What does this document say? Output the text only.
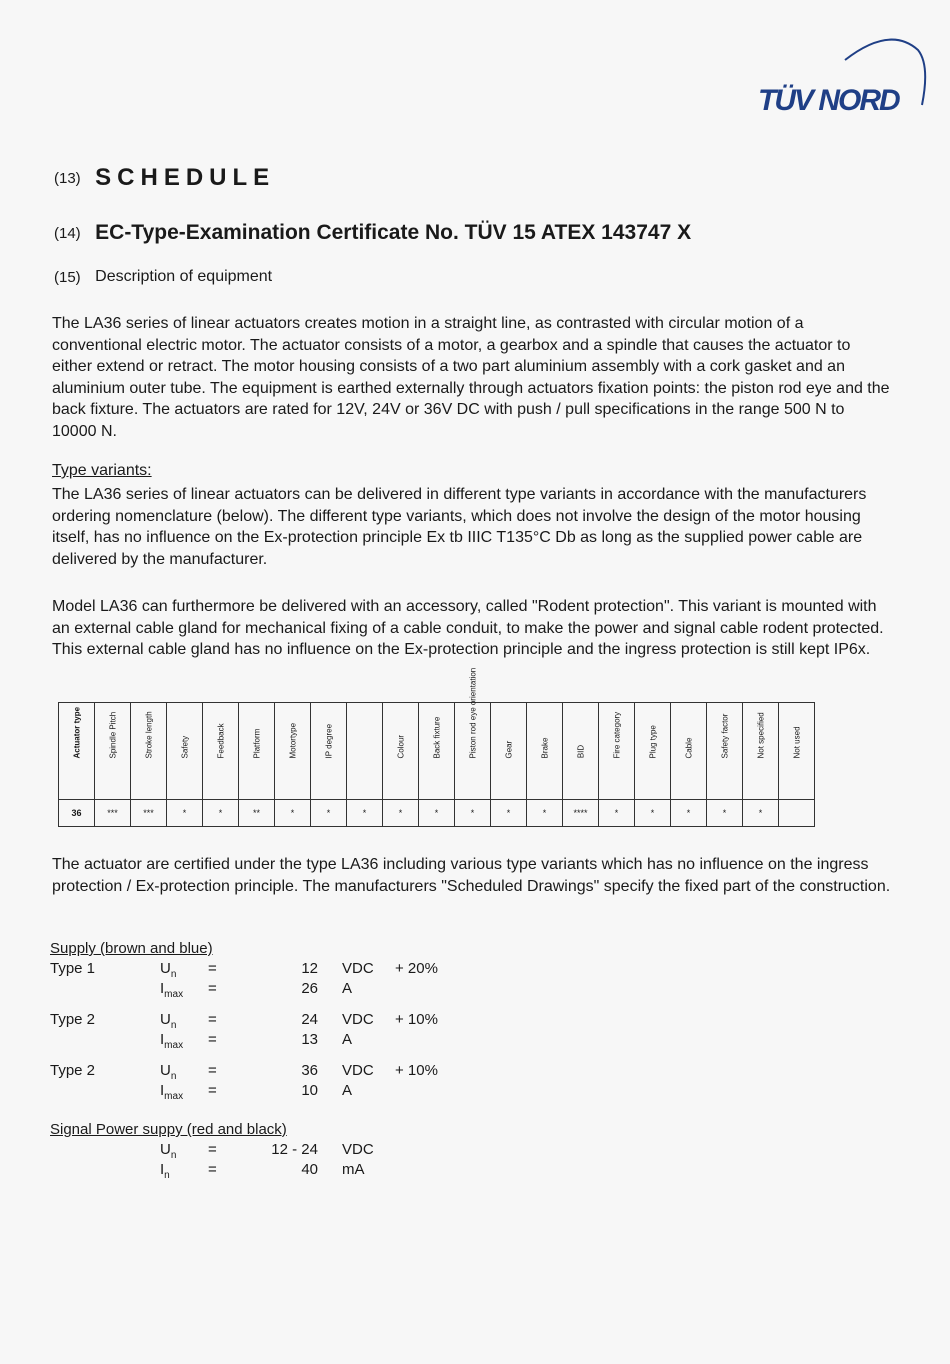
TÜV NORD
(13) SCHEDULE
(14) EC-Type-Examination Certificate No. TÜV 15 ATEX 143747 X
(15) Description of equipment

The LA36 series of linear actuators creates motion in a straight line, as contrasted with circular motion of a conventional electric motor. The actuator consists of a motor, a gearbox and a spindle that causes the actuator to either extend or retract. The motor housing consists of a two part aluminium assembly with a cork gasket and an aluminium outer tube. The equipment is earthed externally through actuators fixation points: the piston rod eye and the back fixture. The actuators are rated for 12V, 24V or 36V DC with push / pull specifications in the range 500 N to 10000 N.

Type variants:

The LA36 series of linear actuators can be delivered in different type variants in accordance with the manufacturers ordering nomenclature (below). The different type variants, which does not involve the design of the motor housing itself, has no influence on the Ex-protection principle Ex tb IIIC T135°C Db as long as the supplied power cable are delivered by the manufacturer.

Model LA36 can furthermore be delivered with an accessory, called "Rodent protection". This variant is mounted with an external cable gland for mechanical fixing of a cable conduit, to make the power and signal cable rodent protected. This external cable gland has no influence on the Ex-protection principle and the ingress protection is still kept IP6x.

Actuator type	Spindle Pitch	Stroke length	Safety	Feedback	Platform	Motortype	IP degree		Colour	Back fixture	Piston rod eye orientation	Gear	Brake	BID	Fire category	Plug type	Cable	Safety factor	Not specified	Not used

36	***	***	*	*	**	*	*	*	*	*	*	*	*	****	*	*	*	*	*	

The actuator are certified under the type LA36 including various type variants which has no influence on the ingress protection / Ex-protection principle. The manufacturers "Scheduled Drawings" specify the fixed part of the construction.

Supply (brown and blue)
Type 1	$U_n$ =	12 VDC + 20%
$I_{max}$ =	26 A
Type 2	$U_n$ =	24 VDC + 10%
$I_{max}$ =	13 A
Type 2	$U_n$ =	36 VDC + 10%
$I_{max}$ =	10 A
Signal Power suppy (red and black)
$U_n$ =	12 - 24 VDC
$I_n$	=	40 mA
